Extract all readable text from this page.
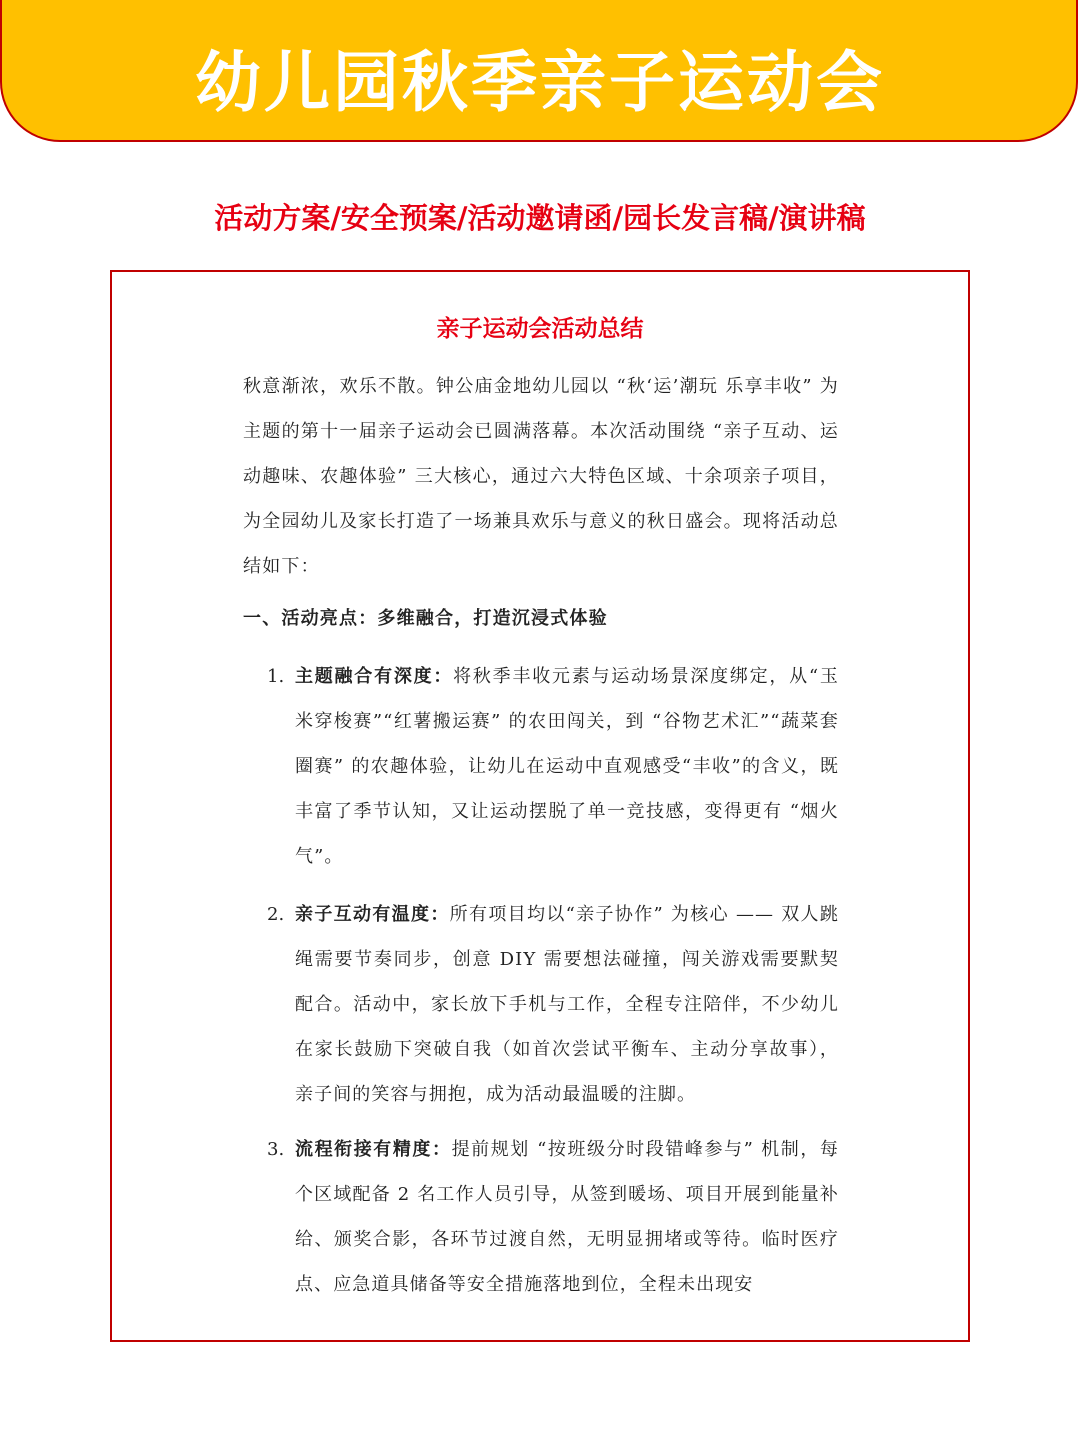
幼儿园秋季亲子运动会
活动方案/安全预案/活动邀请函/园长发言稿/演讲稿
亲子运动会活动总结

秋意渐浓，欢乐不散。钟公庙金地幼儿园以 “秋‘运’潮玩 乐享丰收” 为主题的第十一届亲子运动会已圆满落幕。本次活动围绕 “亲子互动、运动趣味、农趣体验” 三大核心，通过六大特色区域、十余项亲子项目，为全园幼儿及家长打造了一场兼具欢乐与意义的秋日盛会。现将活动总结如下：

一、活动亮点：多维融合，打造沉浸式体验

1. 主题融合有深度：将秋季丰收元素与运动场景深度绑定，从“玉米穿梭赛”“红薯搬运赛” 的农田闯关，到 “谷物艺术汇”“蔬菜套圈赛” 的农趣体验，让幼儿在运动中直观感受“丰收”的含义，既丰富了季节认知，又让运动摆脱了单一竞技感，变得更有 “烟火气”。

2. 亲子互动有温度：所有项目均以“亲子协作” 为核心 —— 双人跳绳需要节奏同步，创意 DIY 需要想法碰撞，闯关游戏需要默契配合。活动中，家长放下手机与工作，全程专注陪伴，不少幼儿在家长鼓励下突破自我（如首次尝试平衡车、主动分享故事），亲子间的笑容与拥抱，成为活动最温暖的注脚。

3. 流程衔接有精度：提前规划 “按班级分时段错峰参与” 机制，每个区域配备 2 名工作人员引导，从签到暖场、项目开展到能量补给、颁奖合影，各环节过渡自然，无明显拥堵或等待。临时医疗点、应急道具储备等安全措施落地到位，全程未出现安
